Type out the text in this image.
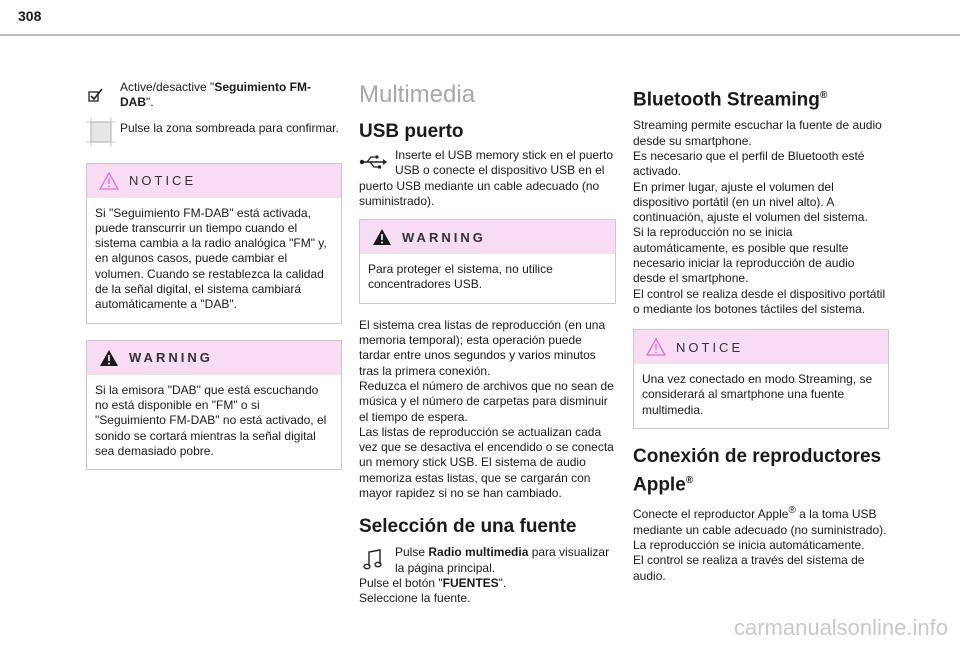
308

Active/desactive "Seguimiento FM-DAB".

Pulse la zona sombreada para confirmar.

NOTICE

Si "Seguimiento FM-DAB" está activada, puede transcurrir un tiempo cuando el sistema cambia a la radio analógica "FM" y, en algunos casos, puede cambiar el volumen. Cuando se restablezca la calidad de la señal digital, el sistema cambiará automáticamente a "DAB".

WARNING

Si la emisora "DAB" que está escuchando no está disponible en "FM" o si "Seguimiento FM-DAB" no está activado, el sonido se cortará mientras la señal digital sea demasiado pobre.

Multimedia
USB puerto

Inserte el USB memory stick en el puerto USB o conecte el dispositivo USB en el puerto USB mediante un cable adecuado (no suministrado).

WARNING

Para proteger el sistema, no utilice concentradores USB.

El sistema crea listas de reproducción (en una memoria temporal); esta operación puede tardar entre unos segundos y varios minutos tras la primera conexión.

Reduzca el número de archivos que no sean de música y el número de carpetas para disminuir el tiempo de espera.

Las listas de reproducción se actualizan cada vez que se desactiva el encendido o se conecta un memory stick USB. El sistema de audio memoriza estas listas, que se cargarán con mayor rapidez si no se han cambiado.

Selección de una fuente

Pulse Radio multimedia para visualizar la página principal.

Pulse el botón "FUENTES".

Seleccione la fuente.

Bluetooth Streaming®

Streaming permite escuchar la fuente de audio desde su smartphone.

Es necesario que el perfil de Bluetooth esté activado.

En primer lugar, ajuste el volumen del dispositivo portátil (en un nivel alto). A continuación, ajuste el volumen del sistema.

Si la reproducción no se inicia automáticamente, es posible que resulte necesario iniciar la reproducción de audio desde el smartphone.

El control se realiza desde el dispositivo portátil o mediante los botones táctiles del sistema.

NOTICE

Una vez conectado en modo Streaming, se considerará al smartphone una fuente multimedia.

Conexión de reproductores
Apple®

Conecte el reproductor Apple® a la toma USB mediante un cable adecuado (no suministrado).

La reproducción se inicia automáticamente.

El control se realiza a través del sistema de audio.

carmanualsonline.info
